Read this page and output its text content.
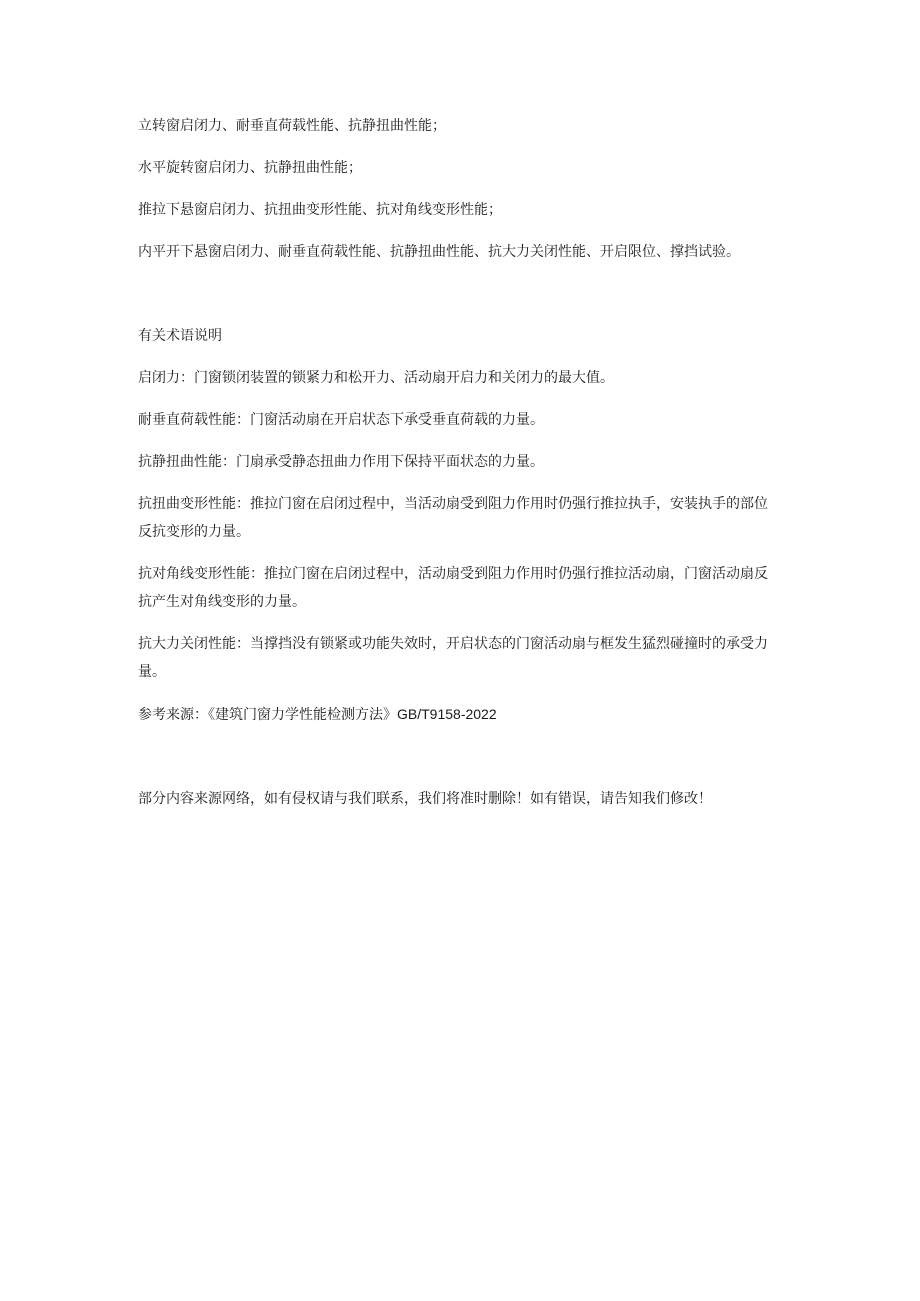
立转窗启闭力、耐垂直荷载性能、抗静扭曲性能；

水平旋转窗启闭力、抗静扭曲性能；

推拉下悬窗启闭力、抗扭曲变形性能、抗对角线变形性能；

内平开下悬窗启闭力、耐垂直荷载性能、抗静扭曲性能、抗大力关闭性能、开启限位、撑挡试验。

有关术语说明

启闭力：门窗锁闭装置的锁紧力和松开力、活动扇开启力和关闭力的最大值。

耐垂直荷载性能：门窗活动扇在开启状态下承受垂直荷载的力量。

抗静扭曲性能：门扇承受静态扭曲力作用下保持平面状态的力量。

抗扭曲变形性能：推拉门窗在启闭过程中，当活动扇受到阻力作用时仍强行推拉执手，安装执手的部位反抗变形的力量。

抗对角线变形性能：推拉门窗在启闭过程中，活动扇受到阻力作用时仍强行推拉活动扇，门窗活动扇反抗产生对角线变形的力量。

抗大力关闭性能：当撑挡没有锁紧或功能失效时，开启状态的门窗活动扇与框发生猛烈碰撞时的承受力量。

参考来源：《建筑门窗力学性能检测方法》GB/T9158-2022

部分内容来源网络，如有侵权请与我们联系，我们将准时删除！如有错误，请告知我们修改！
